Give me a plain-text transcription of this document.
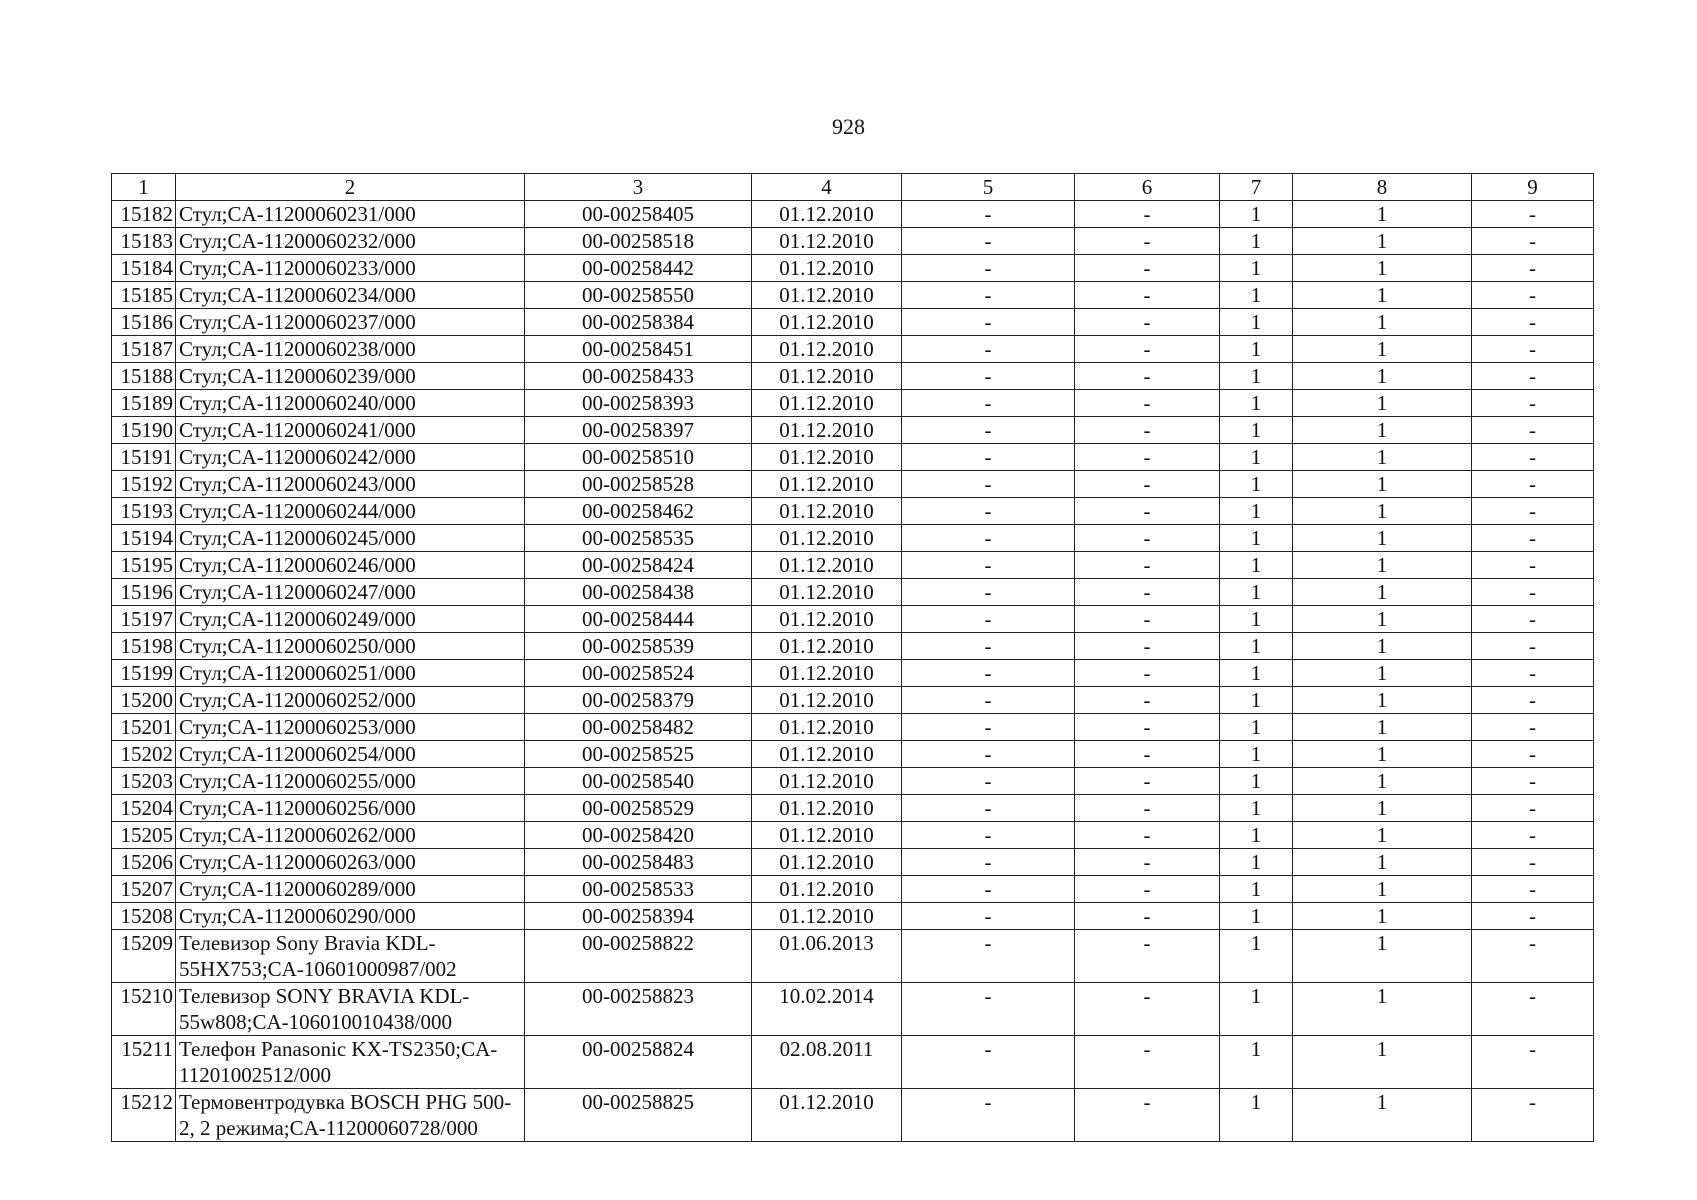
928
1	2	3	4	5	6	7	8	9
15182	Стул;CA-11200060231/000	00-00258405	01.12.2010	-	-	1	1	-
15183	Стул;CA-11200060232/000	00-00258518	01.12.2010	-	-	1	1	-
15184	Стул;CA-11200060233/000	00-00258442	01.12.2010	-	-	1	1	-
15185	Стул;CA-11200060234/000	00-00258550	01.12.2010	-	-	1	1	-
15186	Стул;CA-11200060237/000	00-00258384	01.12.2010	-	-	1	1	-
15187	Стул;CA-11200060238/000	00-00258451	01.12.2010	-	-	1	1	-
15188	Стул;CA-11200060239/000	00-00258433	01.12.2010	-	-	1	1	-
15189	Стул;CA-11200060240/000	00-00258393	01.12.2010	-	-	1	1	-
15190	Стул;CA-11200060241/000	00-00258397	01.12.2010	-	-	1	1	-
15191	Стул;CA-11200060242/000	00-00258510	01.12.2010	-	-	1	1	-
15192	Стул;CA-11200060243/000	00-00258528	01.12.2010	-	-	1	1	-
15193	Стул;CA-11200060244/000	00-00258462	01.12.2010	-	-	1	1	-
15194	Стул;CA-11200060245/000	00-00258535	01.12.2010	-	-	1	1	-
15195	Стул;CA-11200060246/000	00-00258424	01.12.2010	-	-	1	1	-
15196	Стул;CA-11200060247/000	00-00258438	01.12.2010	-	-	1	1	-
15197	Стул;CA-11200060249/000	00-00258444	01.12.2010	-	-	1	1	-
15198	Стул;CA-11200060250/000	00-00258539	01.12.2010	-	-	1	1	-
15199	Стул;CA-11200060251/000	00-00258524	01.12.2010	-	-	1	1	-
15200	Стул;CA-11200060252/000	00-00258379	01.12.2010	-	-	1	1	-
15201	Стул;CA-11200060253/000	00-00258482	01.12.2010	-	-	1	1	-
15202	Стул;CA-11200060254/000	00-00258525	01.12.2010	-	-	1	1	-
15203	Стул;CA-11200060255/000	00-00258540	01.12.2010	-	-	1	1	-
15204	Стул;CA-11200060256/000	00-00258529	01.12.2010	-	-	1	1	-
15205	Стул;CA-11200060262/000	00-00258420	01.12.2010	-	-	1	1	-
15206	Стул;CA-11200060263/000	00-00258483	01.12.2010	-	-	1	1	-
15207	Стул;CA-11200060289/000	00-00258533	01.12.2010	-	-	1	1	-
15208	Стул;CA-11200060290/000	00-00258394	01.12.2010	-	-	1	1	-
15209	Телевизор Sony Bravia KDL-55HX753;CA-10601000987/002	00-00258822	01.06.2013	-	-	1	1	-
15210	Телевизор SONY BRAVIA KDL-55w808;CA-106010010438/000	00-00258823	10.02.2014	-	-	1	1	-
15211	Телефон Panasonic KX-TS2350;CA-11201002512/000	00-00258824	02.08.2011	-	-	1	1	-
15212	Термовентродувка BOSCH PHG 500-2, 2 режима;CA-11200060728/000	00-00258825	01.12.2010	-	-	1	1	-
